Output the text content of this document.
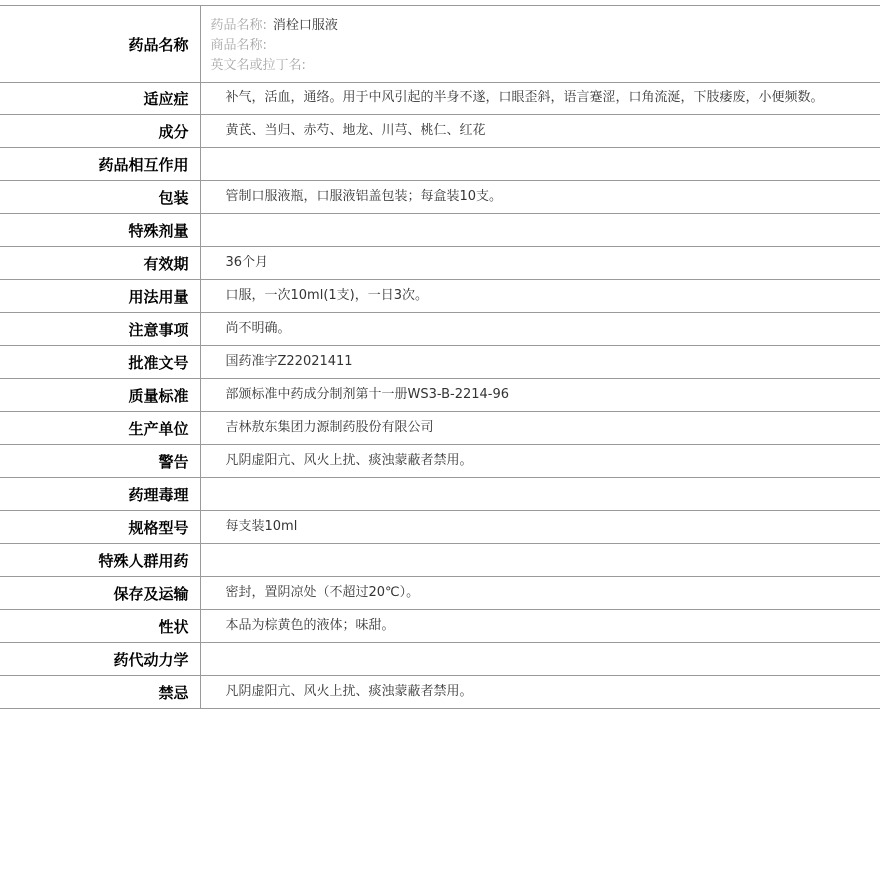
药品名称	药品名称: 消栓口服液
商品名称:
英文名或拉丁名:

适应症	补气，活血，通络。用于中风引起的半身不遂，口眼歪斜，语言蹇涩，口角流涎，下肢痿废，小便频数。
成分	黄芪、当归、赤芍、地龙、川芎、桃仁、红花
药品相互作用	
包装	管制口服液瓶，口服液铝盖包装；每盒装10支。
特殊剂量	
有效期	36个月
用法用量	口服，一次10ml(1支)，一日3次。
注意事项	尚不明确。
批准文号	国药准字Z22021411
质量标准	部颁标准中药成分制剂第十一册WS3-B-2214-96
生产单位	吉林敖东集团力源制药股份有限公司
警告	凡阴虚阳亢、风火上扰、痰浊蒙蔽者禁用。
药理毒理	
规格型号	每支装10ml
特殊人群用药	
保存及运输	密封，置阴凉处（不超过20℃）。
性状	本品为棕黄色的液体；味甜。
药代动力学	
禁忌	凡阴虚阳亢、风火上扰、痰浊蒙蔽者禁用。
